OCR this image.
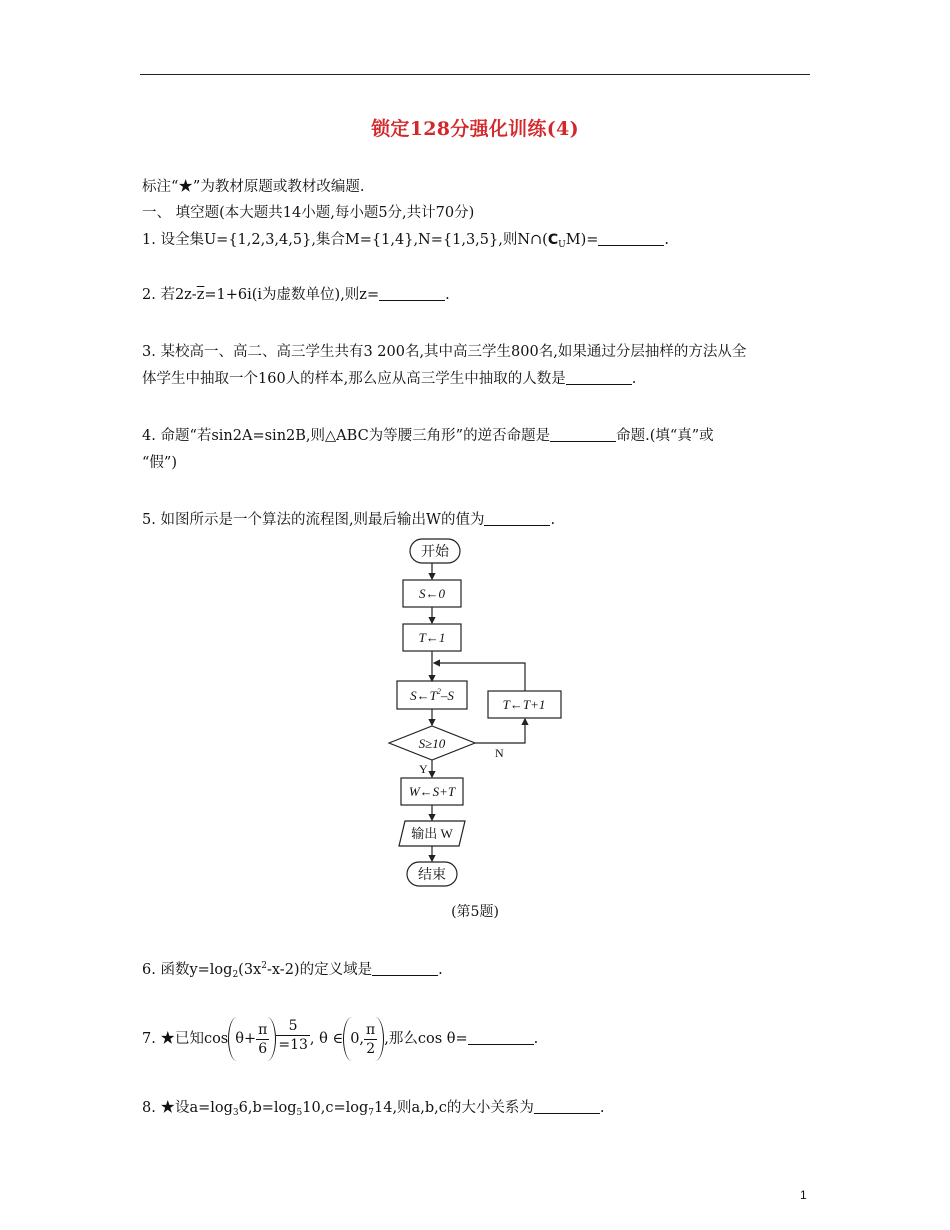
锁定128分强化训练(4)
标注“★”为教材原题或教材改编题.
一、 填空题(本大题共14小题,每小题5分,共计70分)
1. 设全集U={1,2,3,4,5},集合M={1,4},N={1,3,5},则$N\cap(C_UM)=$	.
2. 若$2z-\overline{z}=1+6i(i$为虚数单位),则z=	.
3. 某校高一、高二、高三学生共有3 200名,其中高三学生800名,如果通过分层抽样的方法从全
体学生中抽取一个160人的样本,那么应从高三学生中抽取的人数是	.
4. 命题“若sin2A=sin2B,则△ABC为等腰三角形”的逆否命题是	命题.(填“真”或
“假”)
5. 如图所示是一个算法的流程图,则最后输出W的值为	.
开始
S←0
T←1
$S\leftarrow T^2-S$
S≥10
T←T+1
Y
N
W←S+T
输出 W
结束
(第5题)
6. 函数$y=\log_2(3x^2-x-2)$的定义域是	.
7. ★已知$\cos \theta+ \frac{\pi}{6} \frac{5}{=13}$ , θ ∈ 0, $\frac{\pi}{2}$ ,那么cos θ=	.
8. ★设$a=\log_36,b=\log_510,c=\log_714$,则a,b,c的大小关系为	.
1
